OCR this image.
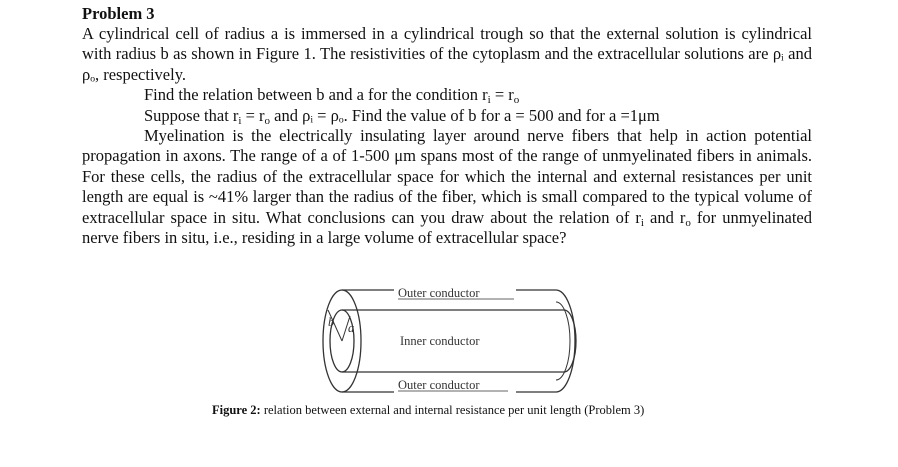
Problem 3

A cylindrical cell of radius a is immersed in a cylindrical trough so that the external solution is cylindrical with radius b as shown in Figure 1. The resistivities of the cytoplasm and the extracellular solutions are ρᵢ and ρₒ, respectively.

Find the relation between b and a for the condition $r_i = r_o$

Suppose that $r_i = r_o$ and ρᵢ = ρₒ. Find the value of b for a = 500 and for a =1μm

Myelination is the electrically insulating layer around nerve fibers that help in action potential propagation in axons. The range of a of 1-500 μm spans most of the range of unmyelinated fibers in animals. For these cells, the radius of the extracellular space for which the internal and external resistances per unit length are equal is ~41% larger than the radius of the fiber, which is small compared to the typical volume of extracellular space in situ. What conclusions can you draw about the relation of $r_i$ and $r_o$ for unmyelinated nerve fibers in situ, i.e., residing in a large volume of extracellular space?

Outer conductor
Inner conductor
Outer conductor
b a
Figure 2: relation between external and internal resistance per unit length (Problem 3)
